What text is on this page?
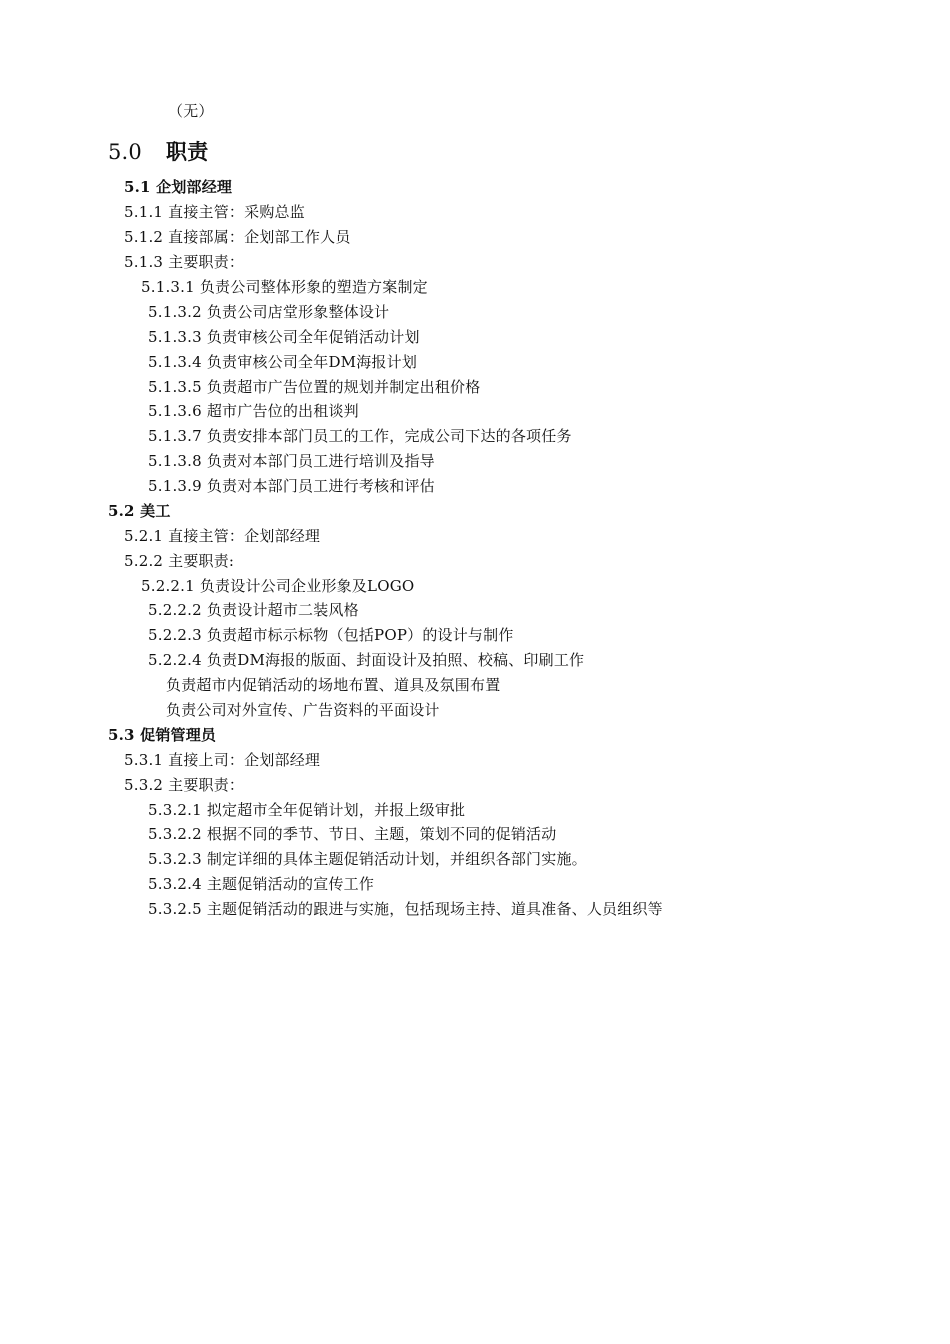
（无）
5.0 职责
5.1 企划部经理
5.1.1 直接主管：采购总监
5.1.2 直接部属：企划部工作人员
5.1.3 主要职责：
5.1.3.1 负责公司整体形象的塑造方案制定
5.1.3.2 负责公司店堂形象整体设计
5.1.3.3 负责审核公司全年促销活动计划
5.1.3.4 负责审核公司全年DM海报计划
5.1.3.5 负责超市广告位置的规划并制定出租价格
5.1.3.6 超市广告位的出租谈判
5.1.3.7 负责安排本部门员工的工作，完成公司下达的各项任务
5.1.3.8 负责对本部门员工进行培训及指导
5.1.3.9 负责对本部门员工进行考核和评估
5.2 美工
5.2.1 直接主管：企划部经理
5.2.2 主要职责:
5.2.2.1 负责设计公司企业形象及LOGO
5.2.2.2 负责设计超市二装风格
5.2.2.3 负责超市标示标物（包括POP）的设计与制作
5.2.2.4 负责DM海报的版面、封面设计及拍照、校稿、印刷工作
负责超市内促销活动的场地布置、道具及氛围布置
负责公司对外宣传、广告资料的平面设计
5.3 促销管理员
5.3.1 直接上司：企划部经理
5.3.2 主要职责：
5.3.2.1 拟定超市全年促销计划，并报上级审批
5.3.2.2 根据不同的季节、节日、主题，策划不同的促销活动
5.3.2.3 制定详细的具体主题促销活动计划，并组织各部门实施。
5.3.2.4 主题促销活动的宣传工作
5.3.2.5 主题促销活动的跟进与实施，包括现场主持、道具准备、人员组织等
